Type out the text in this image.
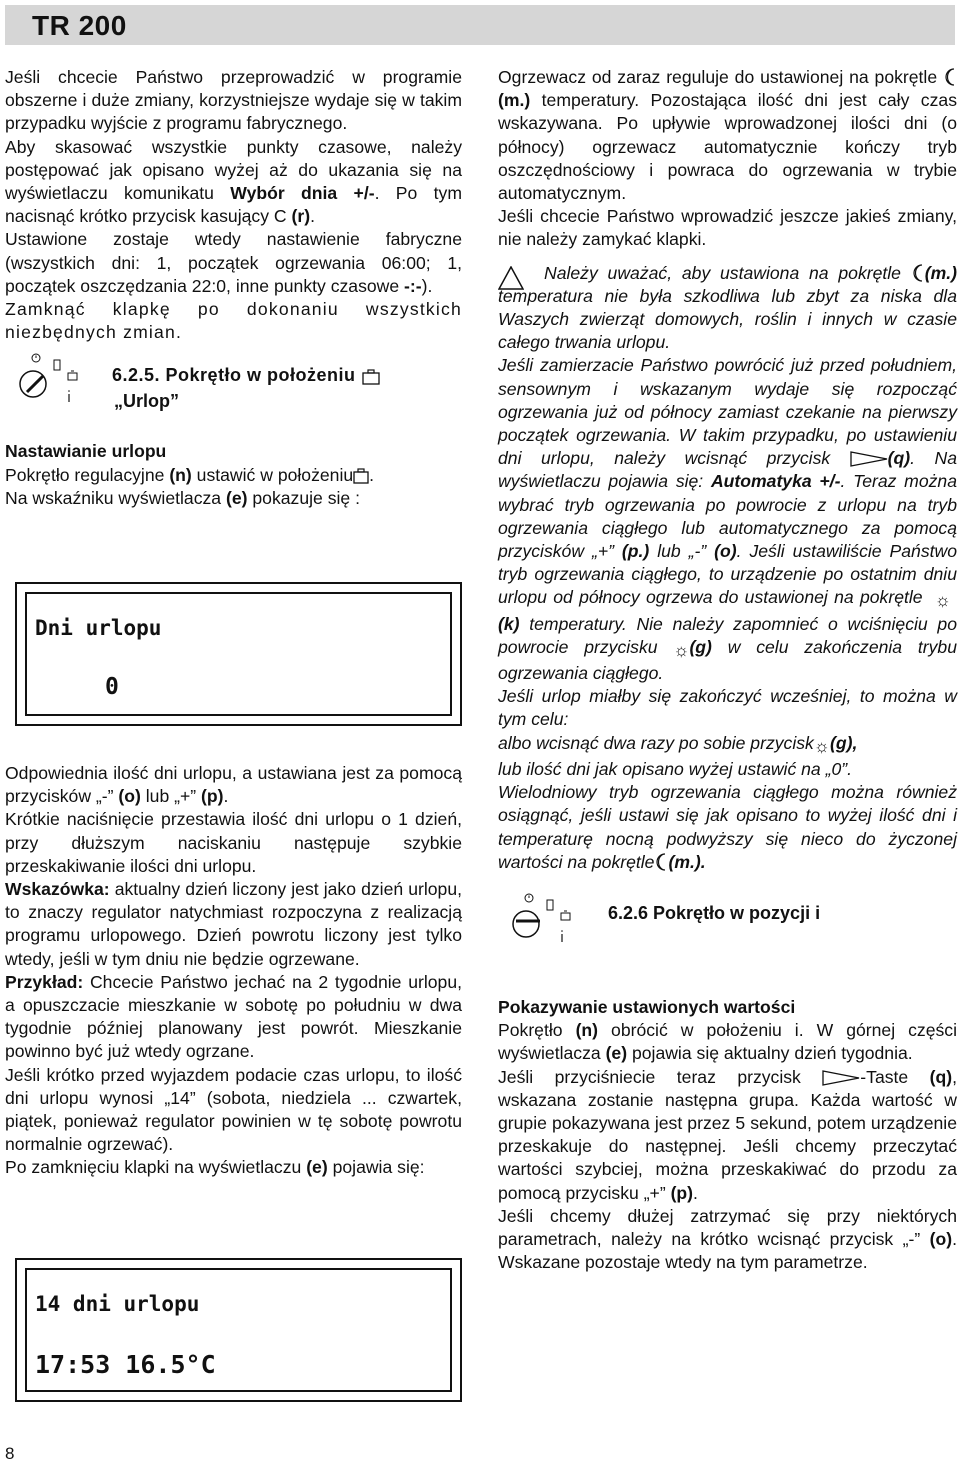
TR 200

Jeśli chcecie Państwo przeprowadzić w programie obszerne i duże zmiany, korzystniejsze wydaje się w takim przypadku wyjście z programu fabrycznego.

Aby skasować wszystkie punkty czasowe, należy postępować jak opisano wyżej aż do ukazania się na wyświetlaczu komunikatu Wybór dnia +/-. Po tym nacisnąć krótko przycisk kasujący C (r).

Ustawione zostaje wtedy nastawienie fabryczne (wszystkich dni: 1, początek ogrzewania 06:00; 1, początek oszczędzania 22:0, inne punkty czasowe -:-).

Zamknąć klapkę po dokonaniu wszystkich niezbędnych zmian.

6.2.5. Pokrętło w położeniu
„Urlop”

Nastawianie urlopu

Pokrętło regulacyjne (n) ustawić w położeniu .

Na wskaźniku wyświetlacza (e) pokazuje się :

Dni urlopu
0

Odpowiednia ilość dni urlopu, a ustawiana jest za pomocą przycisków „-” (o) lub „+” (p).

Krótkie naciśnięcie przestawia ilość dni urlopu o 1 dzień, przy dłuższym naciskaniu następuje szybkie przeskakiwanie ilości dni urlopu.

Wskazówka: aktualny dzień liczony jest jako dzień urlopu, to znaczy regulator natychmiast rozpoczyna z realizacją programu urlopowego. Dzień powrotu liczony jest tylko wtedy, jeśli w tym dniu nie będzie ogrzewane.

Przykład: Chcecie Państwo jechać na 2 tygodnie urlopu, a opuszczacie mieszkanie w sobotę po południu w dwa tygodnie później planowany jest powrót. Mieszkanie powinno być już wtedy ogrzane.

Jeśli krótko przed wyjazdem podacie czas urlopu, to ilość dni urlopu wynosi „14” (sobota, niedziela ... czwartek, piątek, ponieważ regulator powinien w tę sobotę powrotu normalnie ogrzewać).

Po zamknięciu klapki na wyświetlaczu (e) pojawia się:

14 dni urlopu
17:53 16.5°C

Ogrzewacz od zaraz reguluje do ustawionej na pokrętle (m.) temperatury. Pozostająca ilość dni jest cały czas wskazywana. Po upływie wprowadzonej ilości dni (o północy) ogrzewacz automatycznie kończy tryb oszczędnościowy i powraca do ogrzewania w trybie automatycznym.

Jeśli chcecie Państwo wprowadzić jeszcze jakieś zmiany, nie należy zamykać klapki.

Należy uważać, aby ustawiona na pokrętle (m.) temperatura nie była szkodliwa lub zbyt za niska dla Waszych zwierząt domowych, roślin i innych w czasie całego trwania urlopu.

Jeśli zamierzacie Państwo powrócić już przed południem, sensownym i wskazanym wydaje się rozpocząć ogrzewania już od północy zamiast czekanie na pierwszy początek ogrzewania. W takim przypadku, po ustawieniu dni urlopu, należy wcisnąć przycisk (q). Na wyświetlaczu pojawia się: Automatyka +/-. Teraz można wybrać tryb ogrzewania po powrocie z urlopu na tryb ogrzewania ciągłego lub automatycznego za pomocą przycisków „+” (p.) lub „-” (o). Jeśli ustawiliście Państwo tryb ogrzewania ciągłego, to urządzenie po ostatnim dniu urlopu od północy ogrzewa do ustawionej na pokrętle ☼(k) temperatury. Nie należy zapomnieć o wciśnięciu po powrocie przycisku ☼(g) w celu zakończenia trybu ogrzewania ciągłego.

Jeśli urlop miałby się zakończyć wcześniej, to można w tym celu:

albo wcisnąć dwa razy po sobie przycisk☼(g),

lub ilość dni jak opisano wyżej ustawić na „0”.

Wielodniowy tryb ogrzewania ciągłego można również osiągnąć, jeśli ustawi się jak opisano to wyżej ilość dni i temperaturę nocną podwyższy się nieco do życzonej wartości na pokrętle (m.).

6.2.6 Pokrętło w pozycji i

Pokazywanie ustawionych wartości

Pokrętło (n) obrócić w położeniu i. W górnej części wyświetlacza (e) pojawia się aktualny dzień tygodnia.

Jeśli przyciśniecie teraz przycisk -Taste (q), wskazana zostanie następna grupa. Każda wartość w grupie pokazywana jest przez 5 sekund, potem urządzenie przeskakuje do następnej. Jeśli chcemy przeczytać wartości szybciej, można przeskakiwać do przodu za pomocą przycisku „+” (p).

Jeśli chcemy dłużej zatrzymać się przy niektórych parametrach, należy na krótko wcisnąć przycisk „-” (o). Wskazane pozostaje wtedy na tym parametrze.

8
